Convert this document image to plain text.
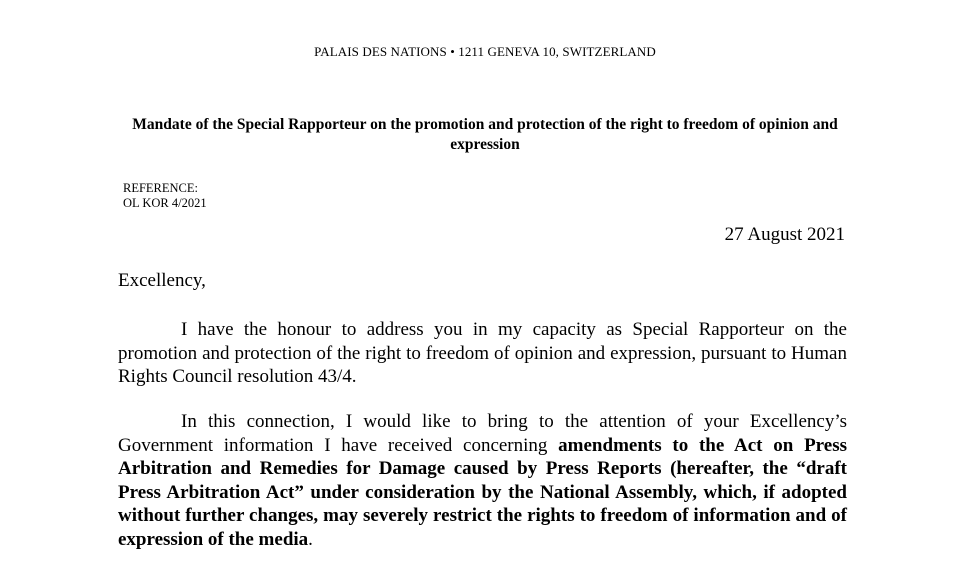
PALAIS DES NATIONS • 1211 GENEVA 10, SWITZERLAND
Mandate of the Special Rapporteur on the promotion and protection of the right to freedom of opinion and expression
REFERENCE:
OL KOR 4/2021
27 August 2021
Excellency,

I have the honour to address you in my capacity as Special Rapporteur on the promotion and protection of the right to freedom of opinion and expression, pursuant to Human Rights Council resolution 43/4.

In this connection, I would like to bring to the attention of your Excellency’s Government information I have received concerning amendments to the Act on Press Arbitration and Remedies for Damage caused by Press Reports (hereafter, the “draft Press Arbitration Act” under consideration by the National Assembly, which, if adopted without further changes, may severely restrict the rights to freedom of information and of expression of the media.
